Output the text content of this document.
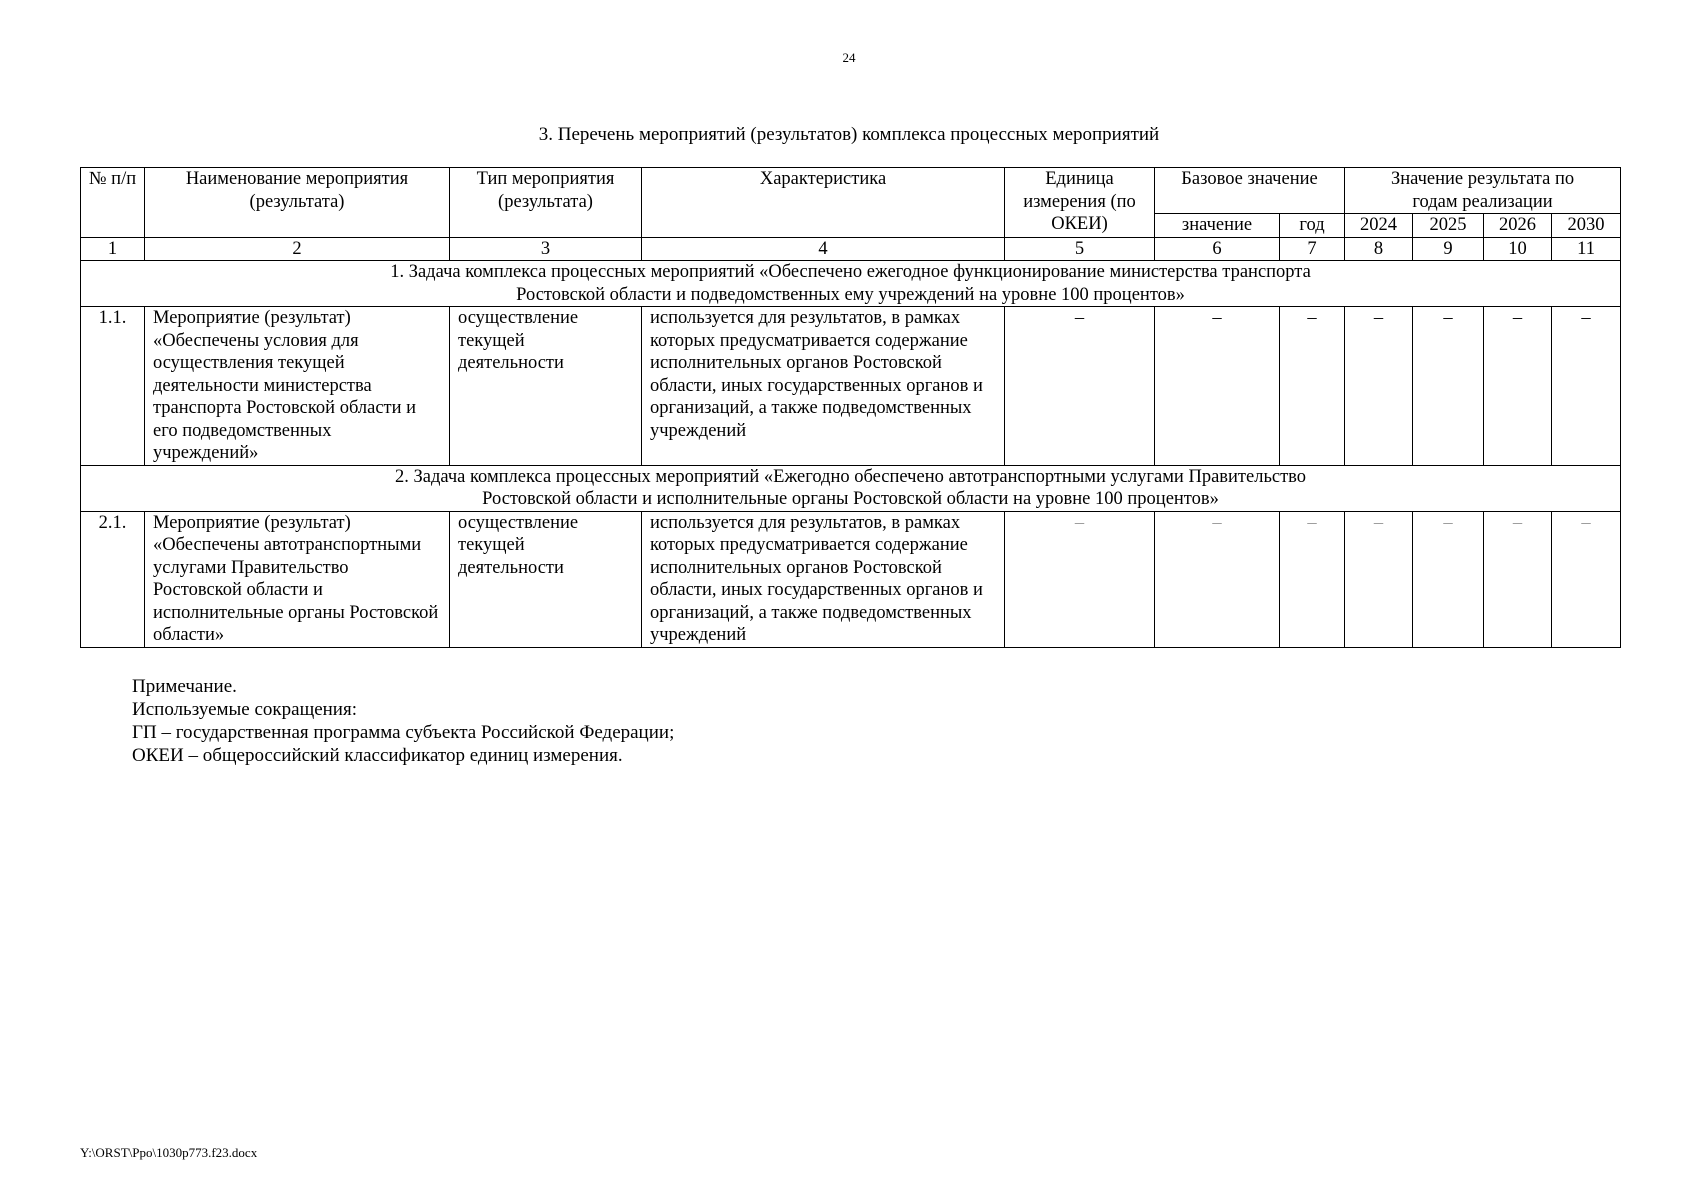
24
3. Перечень мероприятий (результатов) комплекса процессных мероприятий
№ п/п	Наименование мероприятия (результата)	Тип мероприятия (результата)	Характеристика	Единица измерения (по ОКЕИ)	Базовое значение		Значение результата по годам реализации			
					значение	год	2024	2025	2026	2030
1	2	3	4	5	6	7	8	9	10	11
1. Задача комплекса процессных мероприятий «Обеспечено ежегодное функционирование министерства транспорта Ростовской области и подведомственных ему учреждений на уровне 100 процентов»										
1.1.	Мероприятие (результат) «Обеспечены условия для осуществления текущей деятельности министерства транспорта Ростовской области и его подведомственных учреждений»	осуществление текущей деятельности	используется для результатов, в рамках которых предусматривается содержание исполнительных органов Ростовской области, иных государственных органов и организаций, а также подведомственных учреждений	–	–	–	–	–	–	–
2. Задача комплекса процессных мероприятий «Ежегодно обеспечено автотранспортными услугами Правительство Ростовской области и исполнительные органы Ростовской области на уровне 100 процентов»										
2.1.	Мероприятие (результат) «Обеспечены автотранспортными услугами Правительство Ростовской области и исполнительные органы Ростовской области»	осуществление текущей деятельности	используется для результатов, в рамках которых предусматривается содержание исполнительных органов Ростовской области, иных государственных органов и организаций, а также подведомственных учреждений	–	–	–	–	–	–	–
Примечание.
Используемые сокращения:
ГП – государственная программа субъекта Российской Федерации;
ОКЕИ – общероссийский классификатор единиц измерения.
Y:\ORST\Ppo\1030p773.f23.docx
